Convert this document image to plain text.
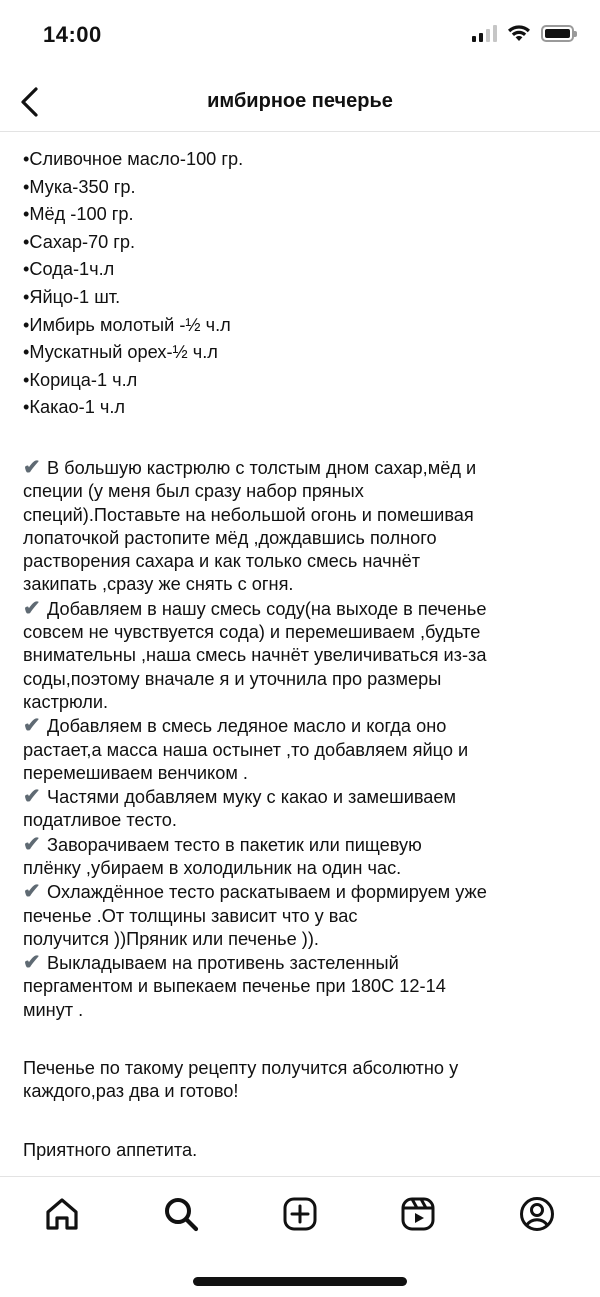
14:00
имбирное печерье
•Сливочное масло-100 гр.
•Мука-350 гр.
•Мёд -100 гр.
•Сахар-70 гр.
•Сода-1ч.л
•Яйцо-1 шт.
•Имбирь молотый -½ ч.л
•Мускатный орех-½ ч.л
•Корица-1 ч.л
•Какао-1 ч.л
✔ В большую кастрюлю с толстым дном сахар,мёд и
специи (у меня был сразу набор пряных
специй).Поставьте на небольшой огонь и помешивая
лопаточкой растопите мёд ,дождавшись полного
растворения сахара и как только смесь начнёт
закипать ,сразу же снять с огня.
✔ Добавляем в нашу смесь соду(на выходе в печенье
совсем не чувствуется сода) и перемешиваем ,будьте
внимательны ,наша смесь начнёт увеличиваться из-за
соды,поэтому вначале я и уточнила про размеры
кастрюли.
✔ Добавляем в смесь ледяное масло и когда оно
растает,а масса наша остынет ,то добавляем яйцо и
перемешиваем венчиком .
✔ Частями добавляем муку с какао и замешиваем
податливое тесто.
✔ Заворачиваем тесто в пакетик или пищевую
плёнку ,убираем в холодильник на один час.
✔ Охлаждённое тесто раскатываем и формируем уже
печенье .От толщины зависит что у вас
получится ))Пряник или печенье )).
✔ Выкладываем на противень застеленный
пергаментом и выпекаем печенье при 180С 12-14
минут .
Печенье по такому рецепту получится абсолютно у
каждого,раз два и готово!
Приятного аппетита.
